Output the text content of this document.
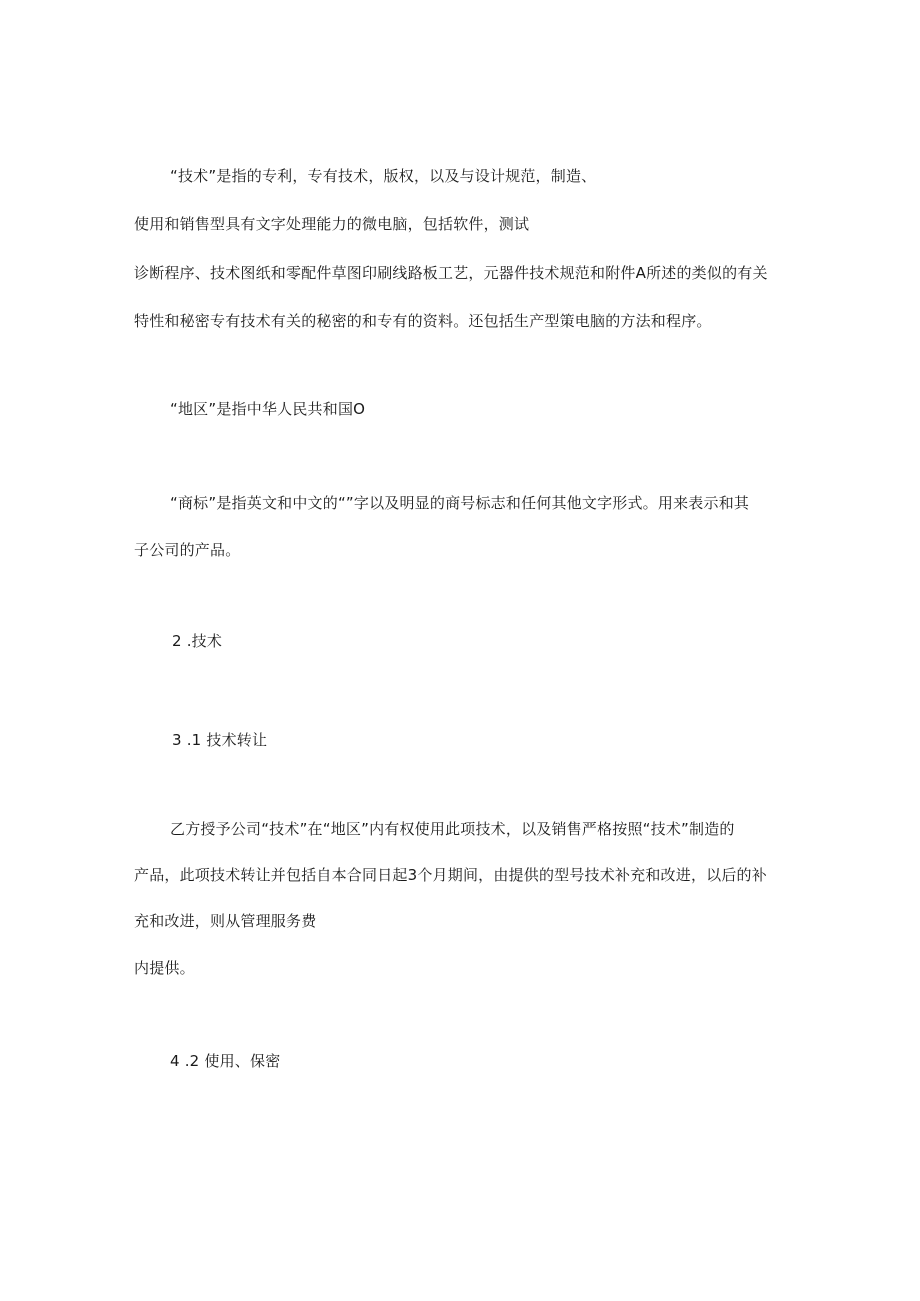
“技术”是指的专利，专有技术，版权，以及与设计规范，制造、
使用和销售型具有文字处理能力的微电脑，包括软件，测试
诊断程序、技术图纸和零配件草图印刷线路板工艺，元器件技术规范和附件A所述的类似的有关
特性和秘密专有技术有关的秘密的和专有的资料。还包括生产型策电脑的方法和程序。
“地区”是指中华人民共和国O
“商标”是指英文和中文的“”字以及明显的商号标志和任何其他文字形式。用来表示和其
子公司的产品。
2 .技术
3 .1 技术转让
乙方授予公司“技术”在“地区”内有权使用此项技术，以及销售严格按照“技术”制造的
产品，此项技术转让并包括自本合同日起3个月期间，由提供的型号技术补充和改进，以后的补
充和改进，则从管理服务费
内提供。
4 .2 使用、保密
